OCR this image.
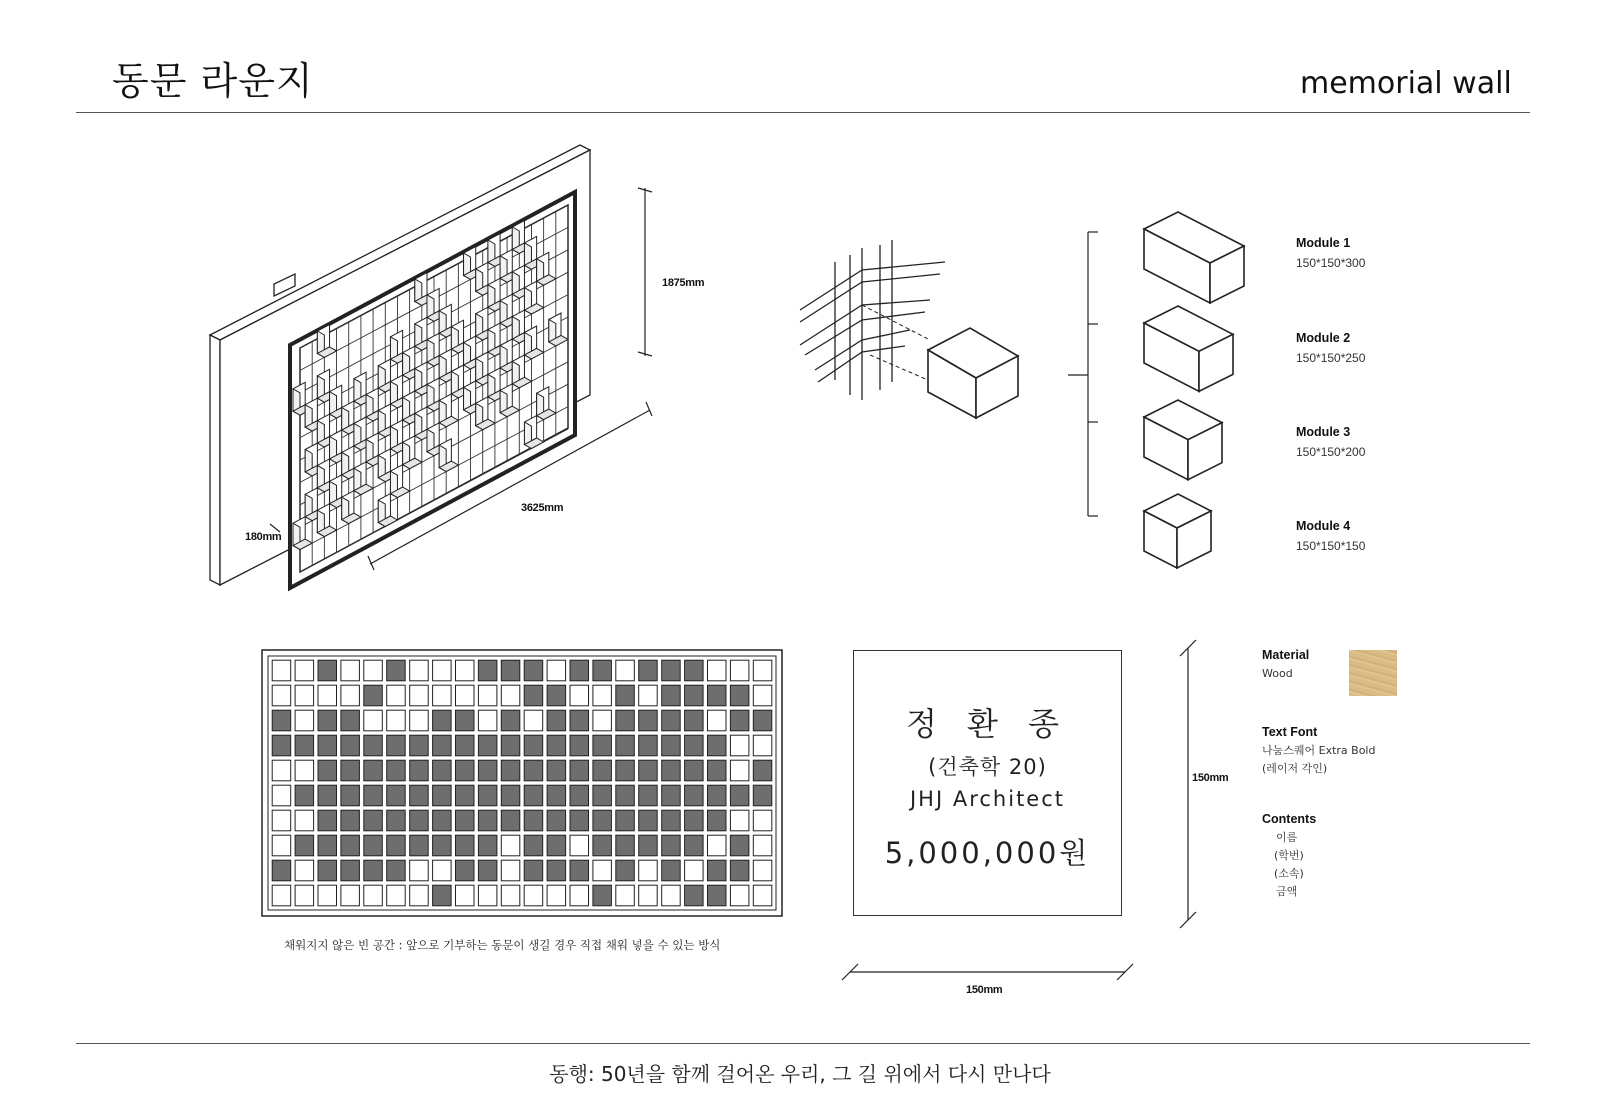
동문 라운지	memorial wall
1875mm
3625mm
180mm
Module 1
150*150*300
Module 2
150*150*250
Module 3
150*150*200
Module 4
150*150*150
채워지지 않은 빈 공간 : 앞으로 기부하는 동문이 생길 경우 직접 채워 넣을 수 있는 방식
정 환 종
(건축학 20)
JHJ Architect
5,000,000원
150mm
150mm
Material
Wood
Text Font
나눔스퀘어 Extra Bold
(레이저 각인)
Contents
이름
(학번)
(소속)
금액
동행: 50년을 함께 걸어온 우리, 그 길 위에서 다시 만나다
